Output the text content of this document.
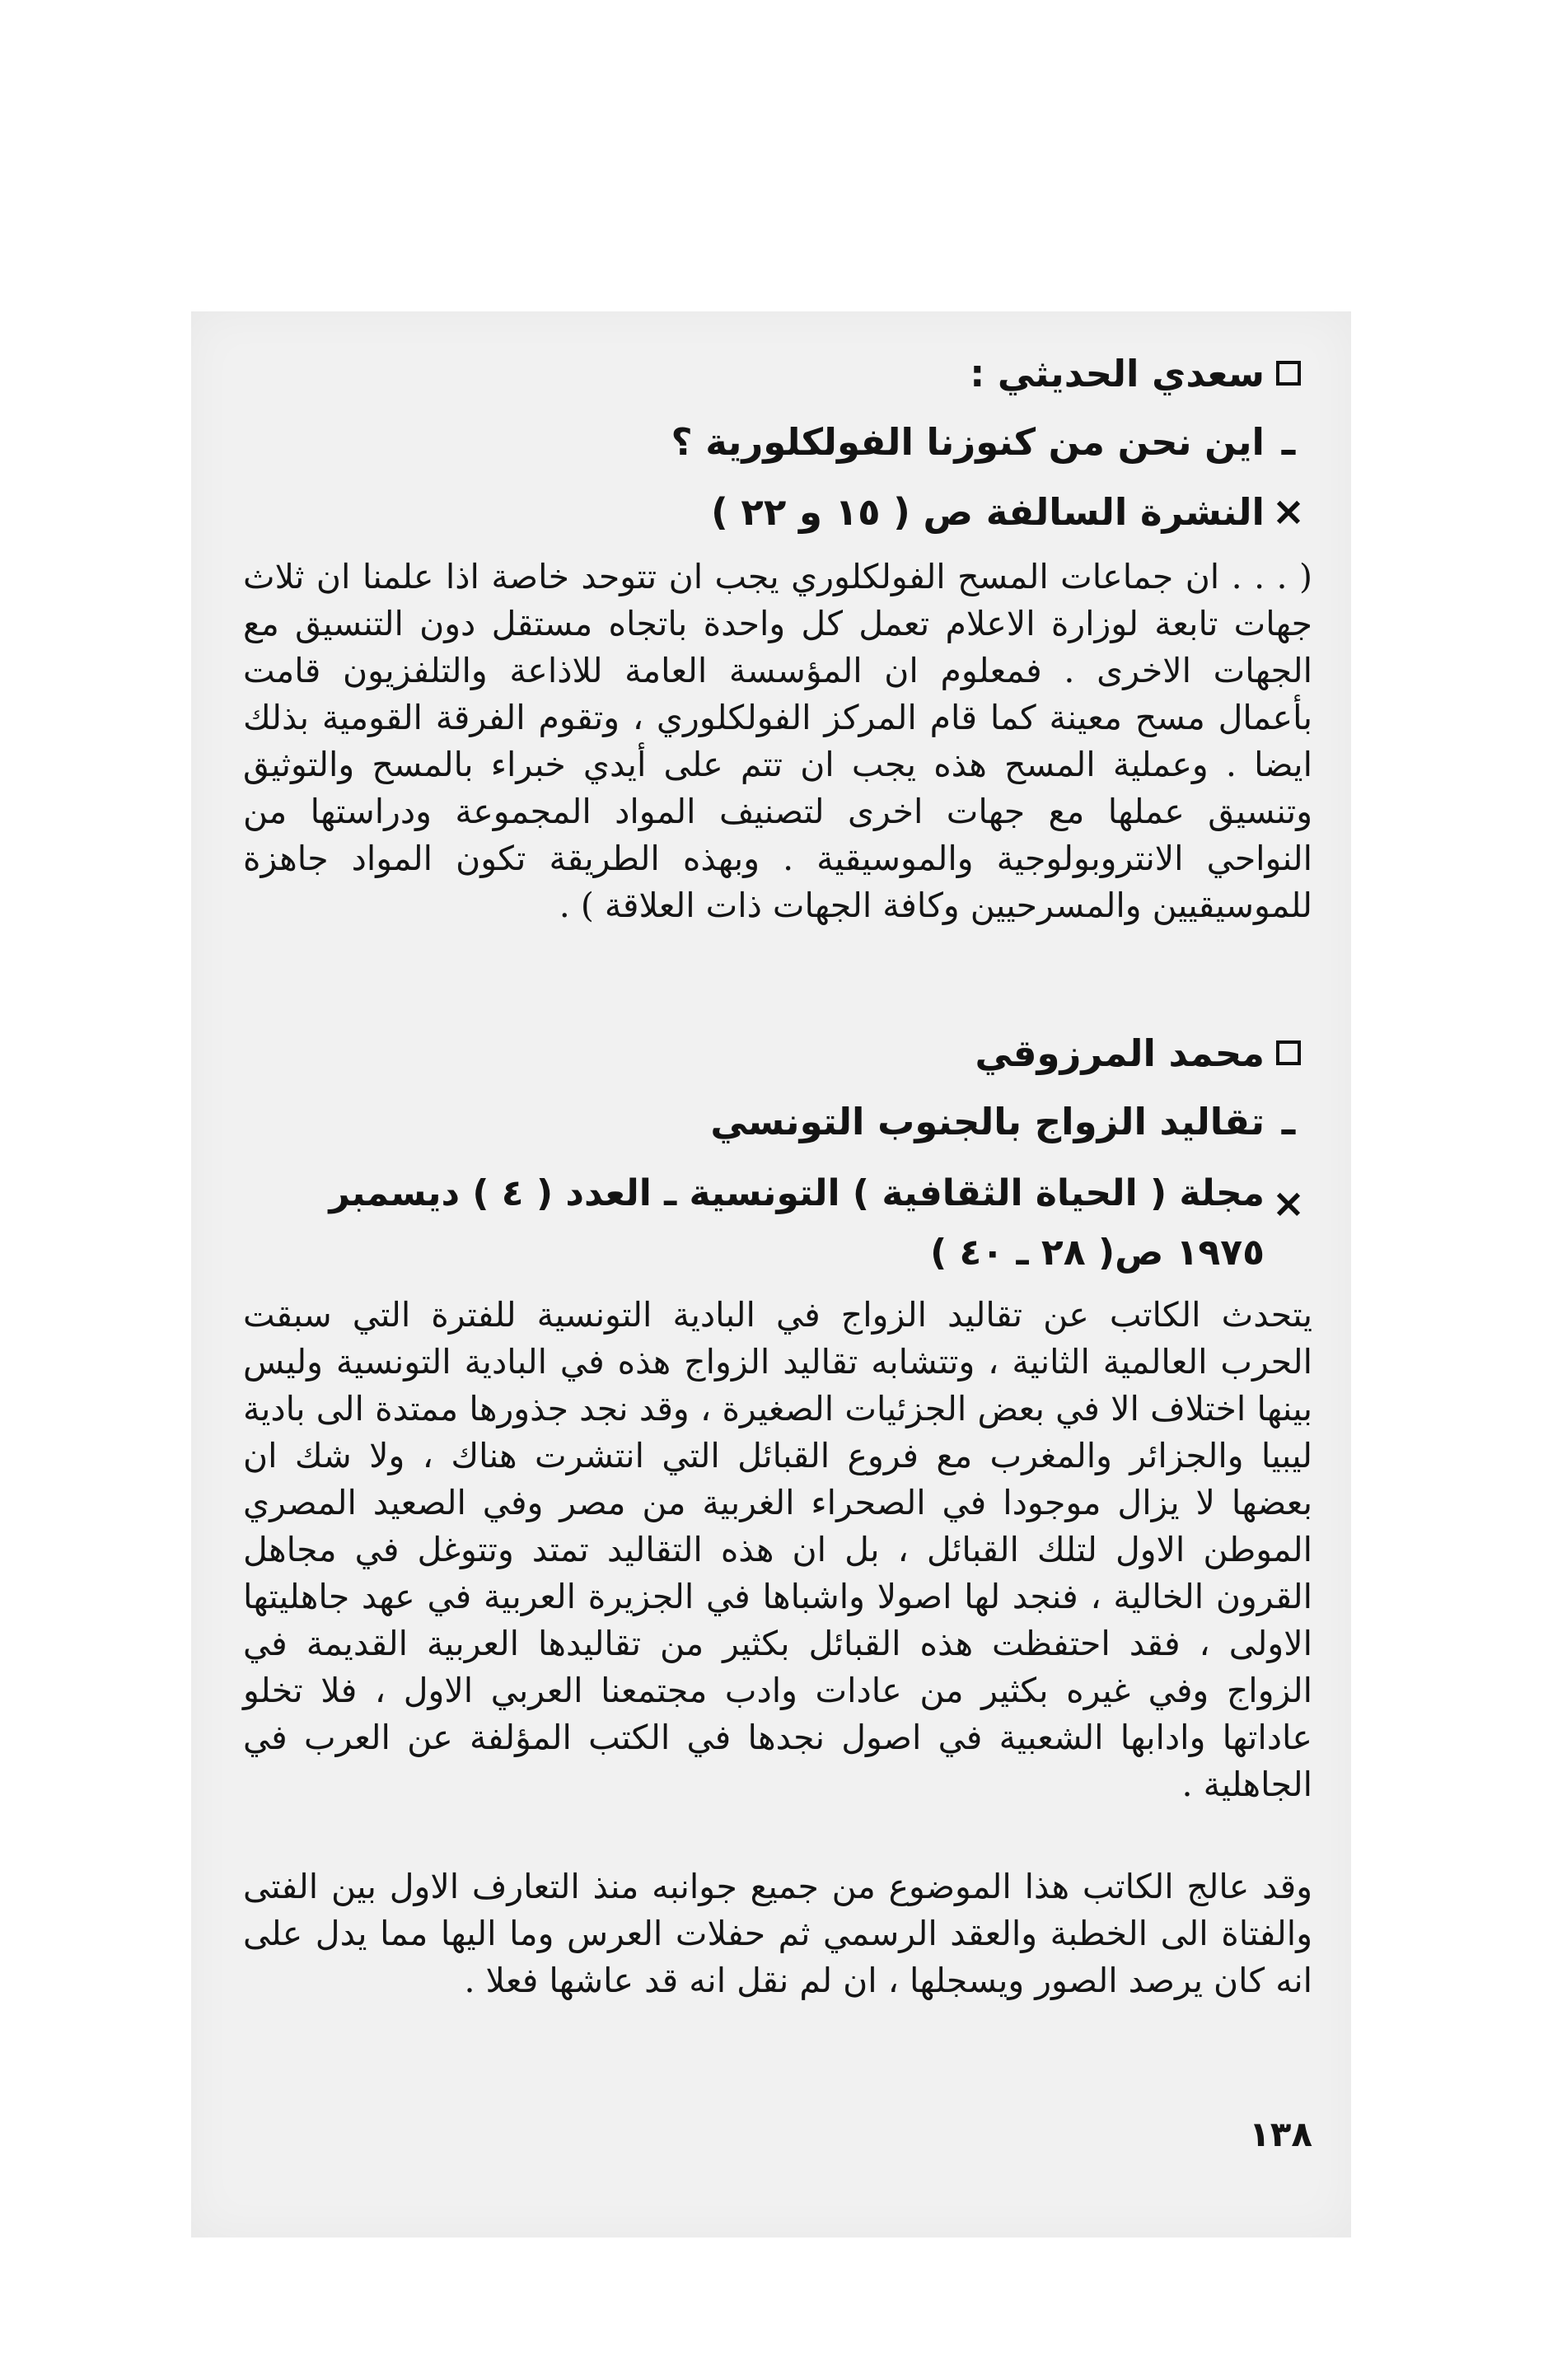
سعدي الحديثي :
ـ
اين نحن من كنوزنا الفولكلورية ؟
×
النشرة السالفة ص ( ١٥ و ٢٢ )
( . . . ان جماعات المسح الفولكلوري يجب ان تتوحد خاصة اذا علمنا ان ثلاث جهات تابعة لوزارة الاعلام تعمل كل واحدة باتجاه مستقل دون التنسيق مع الجهات الاخرى . فمعلوم ان المؤسسة العامة للاذاعة والتلفزيون قامت بأعمال مسح معينة كما قام المركز الفولكلوري ، وتقوم الفرقة القومية بذلك ايضا . وعملية المسح هذه يجب ان تتم على أيدي خبراء بالمسح والتوثيق وتنسيق عملها مع جهات اخرى لتصنيف المواد المجموعة ودراستها من النواحي الانتروبولوجية والموسيقية . وبهذه الطريقة تكون المواد جاهزة للموسيقيين والمسرحيين وكافة الجهات ذات العلاقة ) .
محمد المرزوقي
ـ
تقاليد الزواج بالجنوب التونسي
×
مجلة ( الحياة الثقافية ) التونسية ـ العدد ( ٤ ) ديسمبر ١٩٧٥ ص( ٢٨ ـ ٤٠ )
يتحدث الكاتب عن تقاليد الزواج في البادية التونسية للفترة التي سبقت الحرب العالمية الثانية ، وتتشابه تقاليد الزواج هذه في البادية التونسية وليس بينها اختلاف الا في بعض الجزئيات الصغيرة ، وقد نجد جذورها ممتدة الى بادية ليبيا والجزائر والمغرب مع فروع القبائل التي انتشرت هناك ، ولا شك ان بعضها لا يزال موجودا في الصحراء الغربية من مصر وفي الصعيد المصري الموطن الاول لتلك القبائل ، بل ان هذه التقاليد تمتد وتتوغل في مجاهل القرون الخالية ، فنجد لها اصولا واشباها في الجزيرة العربية في عهد جاهليتها الاولى ، فقد احتفظت هذه القبائل بكثير من تقاليدها العربية القديمة في الزواج وفي غيره بكثير من عادات وادب مجتمعنا العربي الاول ، فلا تخلو عاداتها وادابها الشعبية في اصول نجدها في الكتب المؤلفة عن العرب في الجاهلية .
وقد عالج الكاتب هذا الموضوع من جميع جوانبه منذ التعارف الاول بين الفتى والفتاة الى الخطبة والعقد الرسمي ثم حفلات العرس وما اليها مما يدل على انه كان يرصد الصور ويسجلها ، ان لم نقل انه قد عاشها فعلا .
١٣٨
